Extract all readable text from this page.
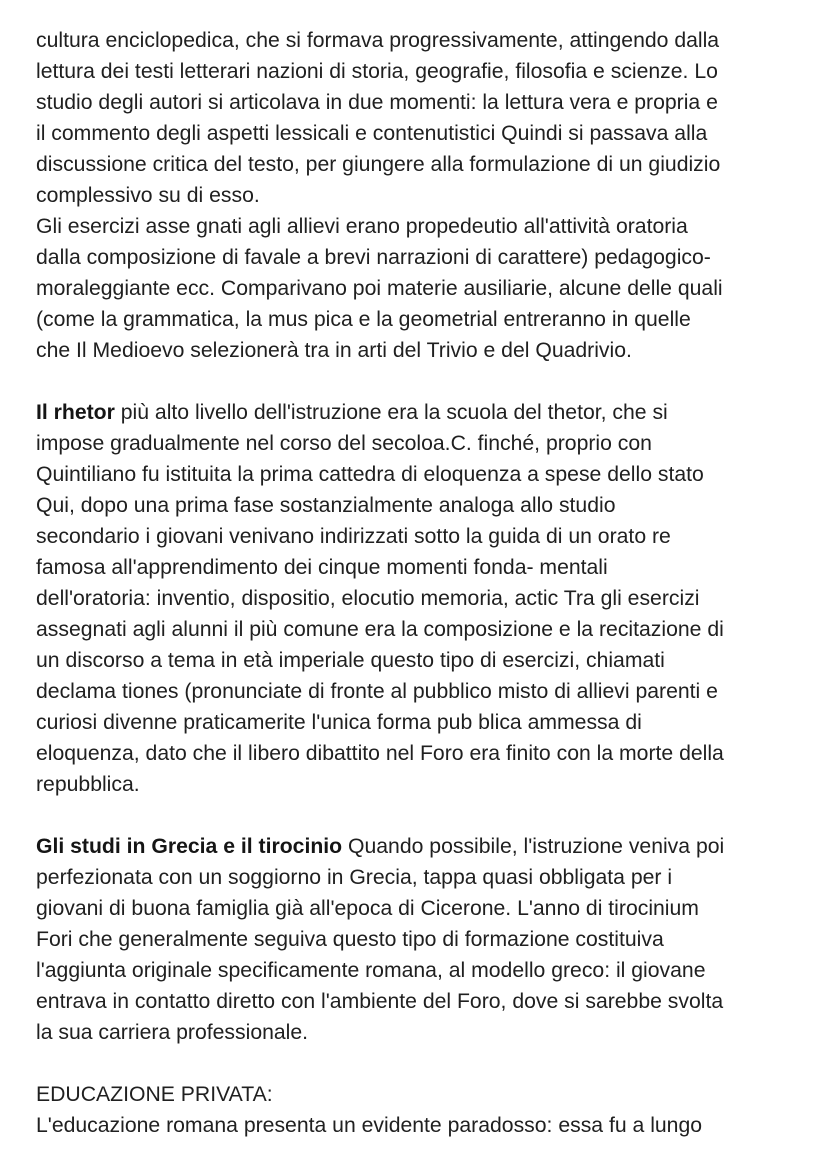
cultura enciclopedica, che si formava progressivamente, attingendo dalla
lettura dei testi letterari nazioni di storia, geografie, filosofia e scienze. Lo
studio degli autori si articolava in due momenti: la lettura vera e propria e
il commento degli aspetti lessicali e contenutistici Quindi si passava alla
discussione critica del testo, per giungere alla formulazione di un giudizio
complessivo su di esso.
Gli esercizi asse gnati agli allievi erano propedeutio all'attività oratoria
dalla composizione di favale a brevi narrazioni di carattere) pedagogico-
moraleggiante ecc. Comparivano poi materie ausiliarie, alcune delle quali
(come la grammatica, la mus pica e la geometrial entreranno in quelle
che Il Medioevo selezionerà tra in arti del Trivio e del Quadrivio.
Il rhetor più alto livello dell'istruzione era la scuola del thetor, che si
impose gradualmente nel corso del secoloa.C. finché, proprio con
Quintiliano fu istituita la prima cattedra di eloquenza a spese dello stato
Qui, dopo una prima fase sostanzialmente analoga allo studio
secondario i giovani venivano indirizzati sotto la guida di un orato re
famosa all'apprendimento dei cinque momenti fonda- mentali
dell'oratoria: inventio, dispositio, elocutio memoria, actic Tra gli esercizi
assegnati agli alunni il più comune era la composizione e la recitazione di
un discorso a tema in età imperiale questo tipo di esercizi, chiamati
declama tiones (pronunciate di fronte al pubblico misto di allievi parenti e
curiosi divenne praticamerite l'unica forma pub blica ammessa di
eloquenza, dato che il libero dibattito nel Foro era finito con la morte della
repubblica.
Gli studi in Grecia e il tirocinio Quando possibile, l'istruzione veniva poi
perfezionata con un soggiorno in Grecia, tappa quasi obbligata per i
giovani di buona famiglia già all'epoca di Cicerone. L'anno di tirocinium
Fori che generalmente seguiva questo tipo di formazione costituiva
l'aggiunta originale specificamente romana, al modello greco: il giovane
entrava in contatto diretto con l'ambiente del Foro, dove si sarebbe svolta
la sua carriera professionale.
EDUCAZIONE PRIVATA:
L'educazione romana presenta un evidente paradosso: essa fu a lungo
